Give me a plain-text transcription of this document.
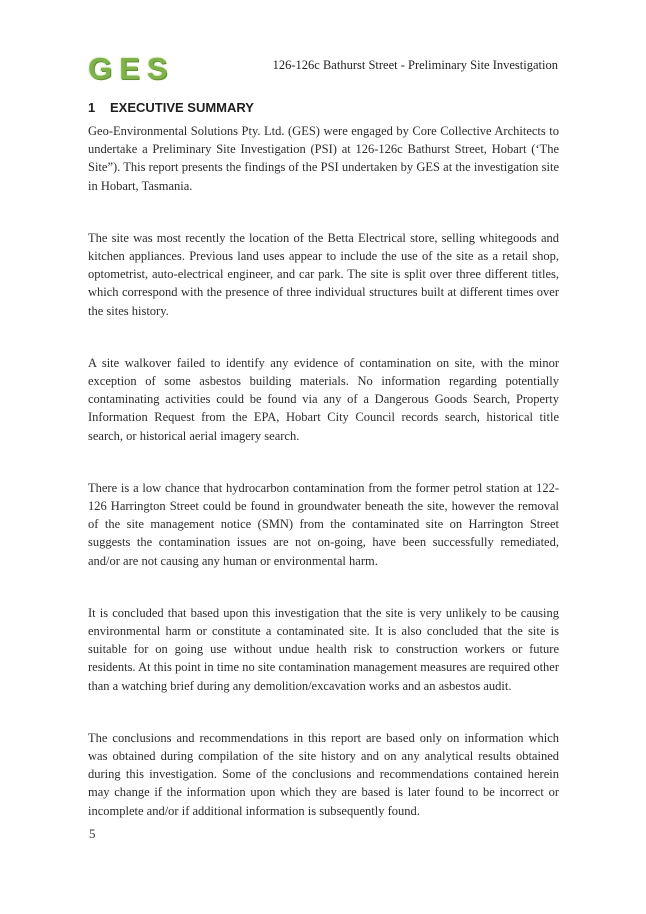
GES	126-126c Bathurst Street - Preliminary Site Investigation
1 EXECUTIVE SUMMARY

Geo-Environmental Solutions Pty. Ltd. (GES) were engaged by Core Collective Architects to undertake a Preliminary Site Investigation (PSI) at 126-126c Bathurst Street, Hobart (‘The Site”). This report presents the findings of the PSI undertaken by GES at the investigation site in Hobart, Tasmania.

The site was most recently the location of the Betta Electrical store, selling whitegoods and kitchen appliances. Previous land uses appear to include the use of the site as a retail shop, optometrist, auto-electrical engineer, and car park. The site is split over three different titles, which correspond with the presence of three individual structures built at different times over the sites history.

A site walkover failed to identify any evidence of contamination on site, with the minor exception of some asbestos building materials. No information regarding potentially contaminating activities could be found via any of a Dangerous Goods Search, Property Information Request from the EPA, Hobart City Council records search, historical title search, or historical aerial imagery search.

There is a low chance that hydrocarbon contamination from the former petrol station at 122-126 Harrington Street could be found in groundwater beneath the site, however the removal of the site management notice (SMN) from the contaminated site on Harrington Street suggests the contamination issues are not on-going, have been successfully remediated, and/or are not causing any human or environmental harm.

It is concluded that based upon this investigation that the site is very unlikely to be causing environmental harm or constitute a contaminated site. It is also concluded that the site is suitable for on going use without undue health risk to construction workers or future residents. At this point in time no site contamination management measures are required other than a watching brief during any demolition/excavation works and an asbestos audit.

The conclusions and recommendations in this report are based only on information which was obtained during compilation of the site history and on any analytical results obtained during this investigation. Some of the conclusions and recommendations contained herein may change if the information upon which they are based is later found to be incorrect or incomplete and/or if additional information is subsequently found.

5
